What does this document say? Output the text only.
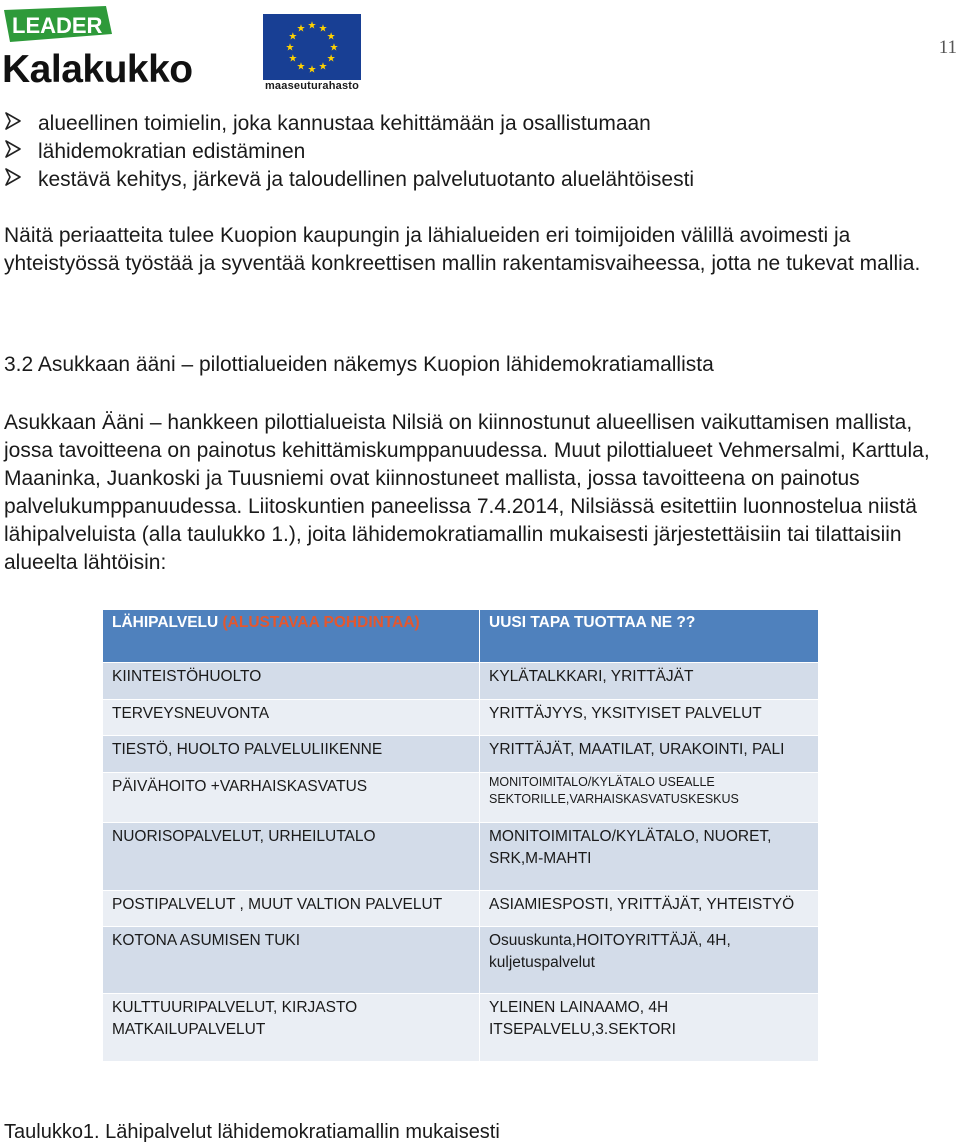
LEADER
Kalakukko
★ ★
★
★
★
★
★
★
★
★
★
★
maaseuturahasto
11
alueellinen toimielin, joka kannustaa kehittämään ja osallistumaan
lähidemokratian edistäminen
kestävä kehitys, järkevä ja taloudellinen palvelutuotanto aluelähtöisesti

Näitä periaatteita tulee Kuopion kaupungin ja lähialueiden eri toimijoiden välillä avoimesti ja yhteistyössä työstää ja syventää konkreettisen mallin rakentamisvaiheessa, jotta ne tukevat mallia.

3.2 Asukkaan ääni – pilottialueiden näkemys Kuopion lähidemokratiamallista

Asukkaan Ääni – hankkeen pilottialueista Nilsiä on kiinnostunut alueellisen vaikuttamisen mallista, jossa tavoitteena on painotus kehittämiskumppanuudessa. Muut pilottialueet Vehmersalmi, Karttula, Maaninka, Juankoski ja Tuusniemi ovat kiinnostuneet mallista, jossa tavoitteena on painotus palvelukumppanuudessa. Liitoskuntien paneelissa 7.4.2014, Nilsiässä esitettiin luonnostelua niistä lähipalveluista (alla taulukko 1.), joita lähidemokratiamallin mukaisesti järjestettäisiin tai tilattaisiin alueelta lähtöisin:

LÄHIPALVELU (ALUSTAVAA POHDINTAA)	UUSI TAPA TUOTTAA NE ??
KIINTEISTÖHUOLTO	KYLÄTALKKARI, YRITTÄJÄT
TERVEYSNEUVONTA	YRITTÄJYYS, YKSITYISET PALVELUT
TIESTÖ, HUOLTO PALVELULIIKENNE	YRITTÄJÄT, MAATILAT, URAKOINTI, PALI
PÄIVÄHOITO +VARHAISKASVATUS	MONITOIMITALO/KYLÄTALO USEALLE SEKTORILLE,VARHAISKASVATUSKESKUS
NUORISOPALVELUT, URHEILUTALO	MONITOIMITALO/KYLÄTALO, NUORET, SRK,M-MAHTI
POSTIPALVELUT , MUUT VALTION PALVELUT	ASIAMIESPOSTI, YRITTÄJÄT, YHTEISTYÖ
KOTONA ASUMISEN TUKI	Osuuskunta,HOITOYRITTÄJÄ, 4H, kuljetuspalvelut
KULTTUURIPALVELUT, KIRJASTO MATKAILUPALVELUT	YLEINEN LAINAAMO, 4H ITSEPALVELU,3.SEKTORI
Taulukko1. Lähipalvelut lähidemokratiamallin mukaisesti
